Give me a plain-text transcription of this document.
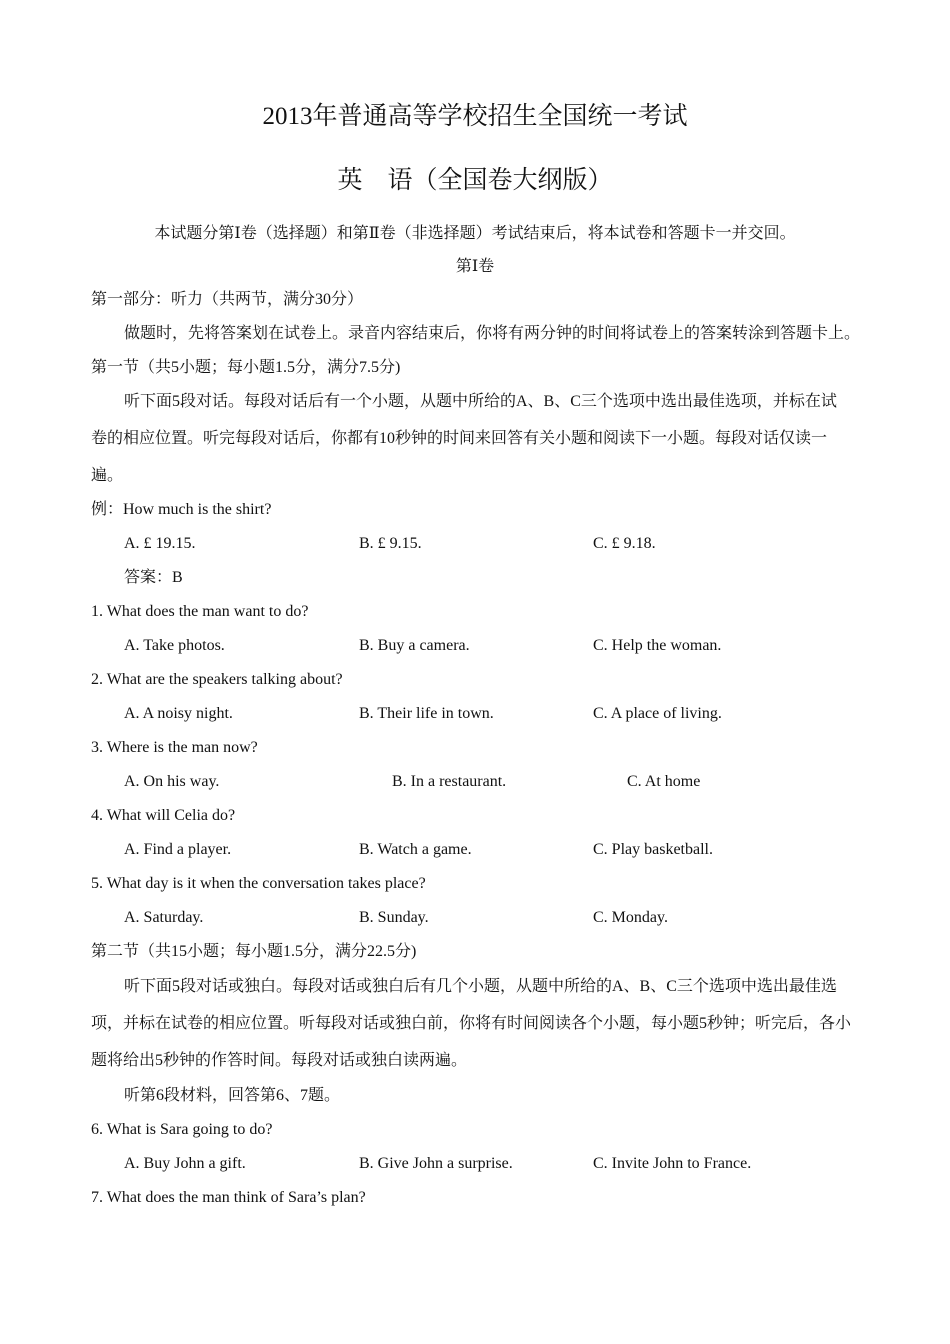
2013年普通高等学校招生全国统一考试
英　语（全国卷大纲版）
本试题分第Ⅰ卷（选择题）和第Ⅱ卷（非选择题）考试结束后，将本试卷和答题卡一并交回。
第Ⅰ卷
第一部分：听力（共两节，满分30分）
做题时，先将答案划在试卷上。录音内容结束后，你将有两分钟的时间将试卷上的答案转涂到答题卡上。
第一节（共5小题；每小题1.5分，满分7.5分)
听下面5段对话。每段对话后有一个小题，从题中所给的A、B、C三个选项中选出最佳选项，并标在试
卷的相应位置。听完每段对话后，你都有10秒钟的时间来回答有关小题和阅读下一小题。每段对话仅读一
遍。
例：How much is the shirt?
A. £ 19.15.	B. £ 9.15.	C. £ 9.18.
答案：B
1. What does the man want to do?
A. Take photos.	B. Buy a camera.	C. Help the woman.
2. What are the speakers talking about?
A. A noisy night.	B. Their life in town.	C. A place of living.
3. Where is the man now?
A. On his way.	B. In a restaurant.	C. At home
4. What will Celia do?
A. Find a player.	B. Watch a game.	C. Play basketball.
5. What day is it when the conversation takes place?
A. Saturday.	B. Sunday.	C. Monday.
第二节（共15小题；每小题1.5分，满分22.5分)
听下面5段对话或独白。每段对话或独白后有几个小题，从题中所给的A、B、C三个选项中选出最佳选
项，并标在试卷的相应位置。听每段对话或独白前，你将有时间阅读各个小题，每小题5秒钟；听完后，各小
题将给出5秒钟的作答时间。每段对话或独白读两遍。
听第6段材料，回答第6、7题。
6. What is Sara going to do?
A. Buy John a gift.	B. Give John a surprise.	C. Invite John to France.
7. What does the man think of Sara’s plan?
